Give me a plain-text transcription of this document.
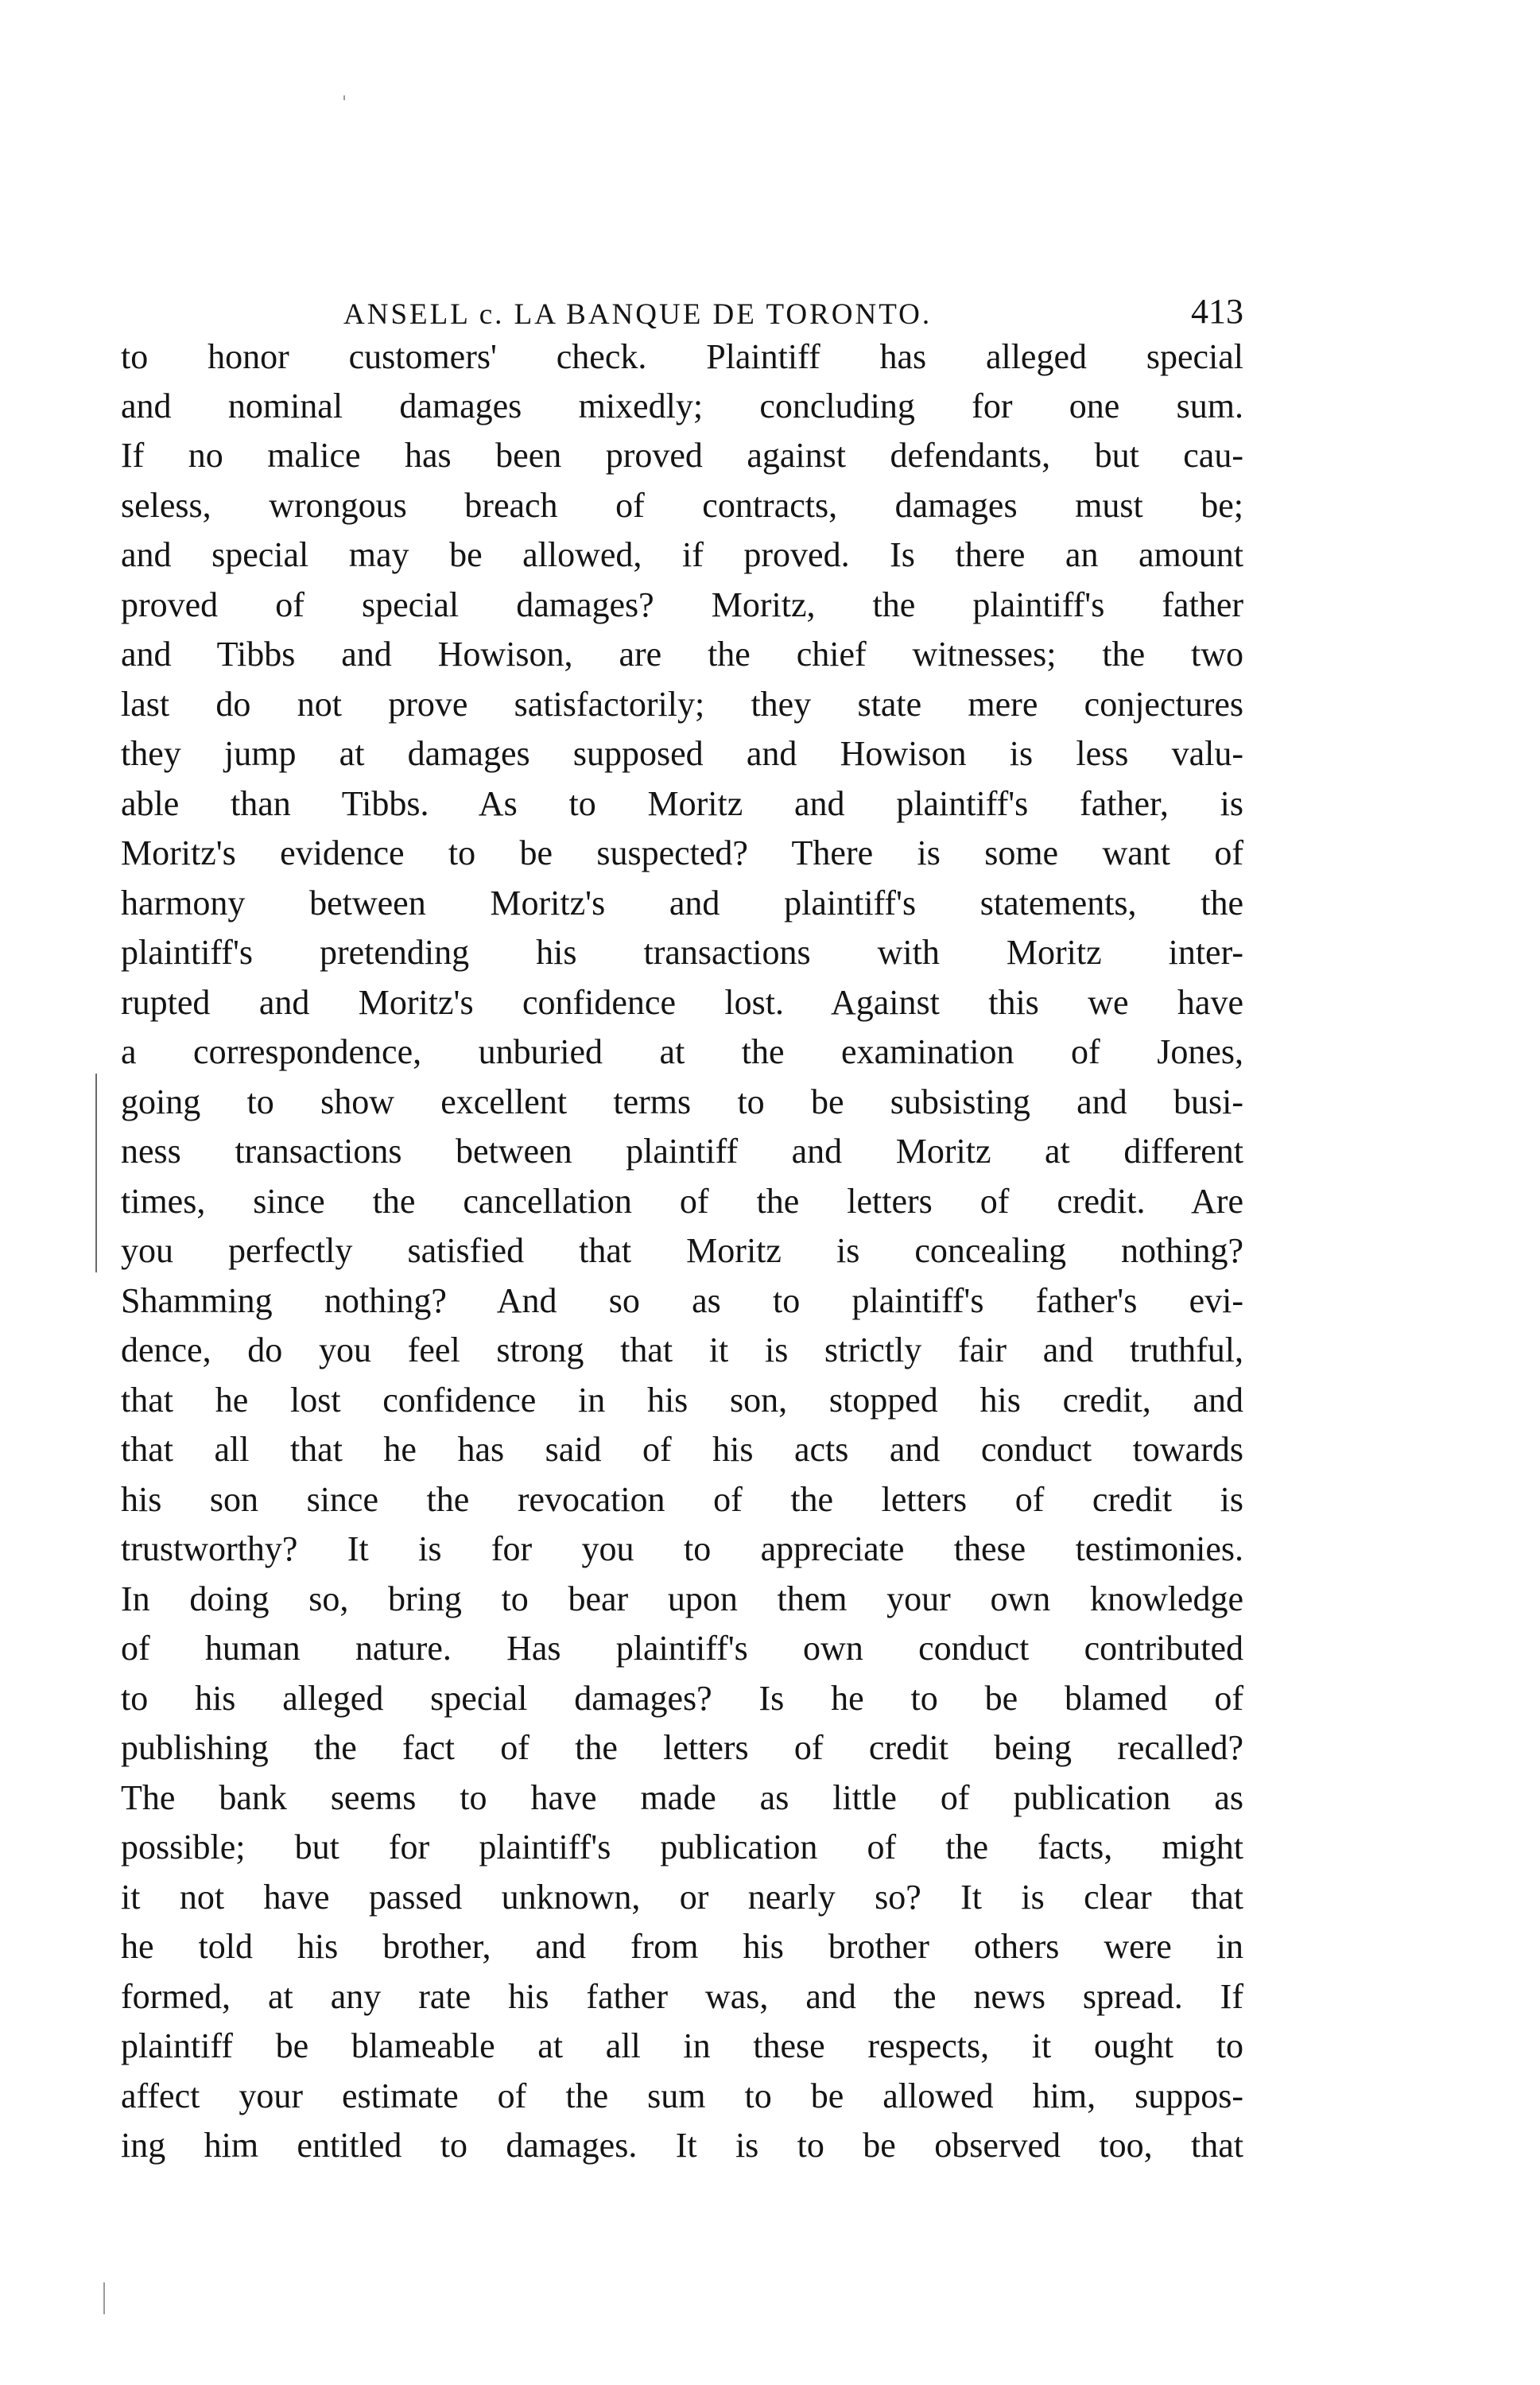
ANSELL c. LA BANQUE DE TORONTO.	413
to honor customers' check. Plaintiff has alleged special
and nominal damages mixedly; concluding for one sum.
If no malice has been proved against defendants, but cau-
seless, wrongous breach of contracts, damages must be;
and special may be allowed, if proved. Is there an amount
proved of special damages? Moritz, the plaintiff's father
and Tibbs and Howison, are the chief witnesses; the two
last do not prove satisfactorily; they state mere conjectures
they jump at damages supposed and Howison is less valu-
able than Tibbs. As to Moritz and plaintiff's father, is
Moritz's evidence to be suspected? There is some want of
harmony between Moritz's and plaintiff's statements, the
plaintiff's pretending his transactions with Moritz inter-
rupted and Moritz's confidence lost. Against this we have
a correspondence, unburied at the examination of Jones,
going to show excellent terms to be subsisting and busi-
ness transactions between plaintiff and Moritz at different
times, since the cancellation of the letters of credit. Are
you perfectly satisfied that Moritz is concealing nothing?
Shamming nothing? And so as to plaintiff's father's evi-
dence, do you feel strong that it is strictly fair and truthful,
that he lost confidence in his son, stopped his credit, and
that all that he has said of his acts and conduct towards
his son since the revocation of the letters of credit is
trustworthy? It is for you to appreciate these testimonies.
In doing so, bring to bear upon them your own knowledge
of human nature. Has plaintiff's own conduct contributed
to his alleged special damages? Is he to be blamed of
publishing the fact of the letters of credit being recalled?
The bank seems to have made as little of publication as
possible; but for plaintiff's publication of the facts, might
it not have passed unknown, or nearly so? It is clear that
he told his brother, and from his brother others were in
formed, at any rate his father was, and the news spread. If
plaintiff be blameable at all in these respects, it ought to
affect your estimate of the sum to be allowed him, suppos-
ing him entitled to damages. It is to be observed too, that
